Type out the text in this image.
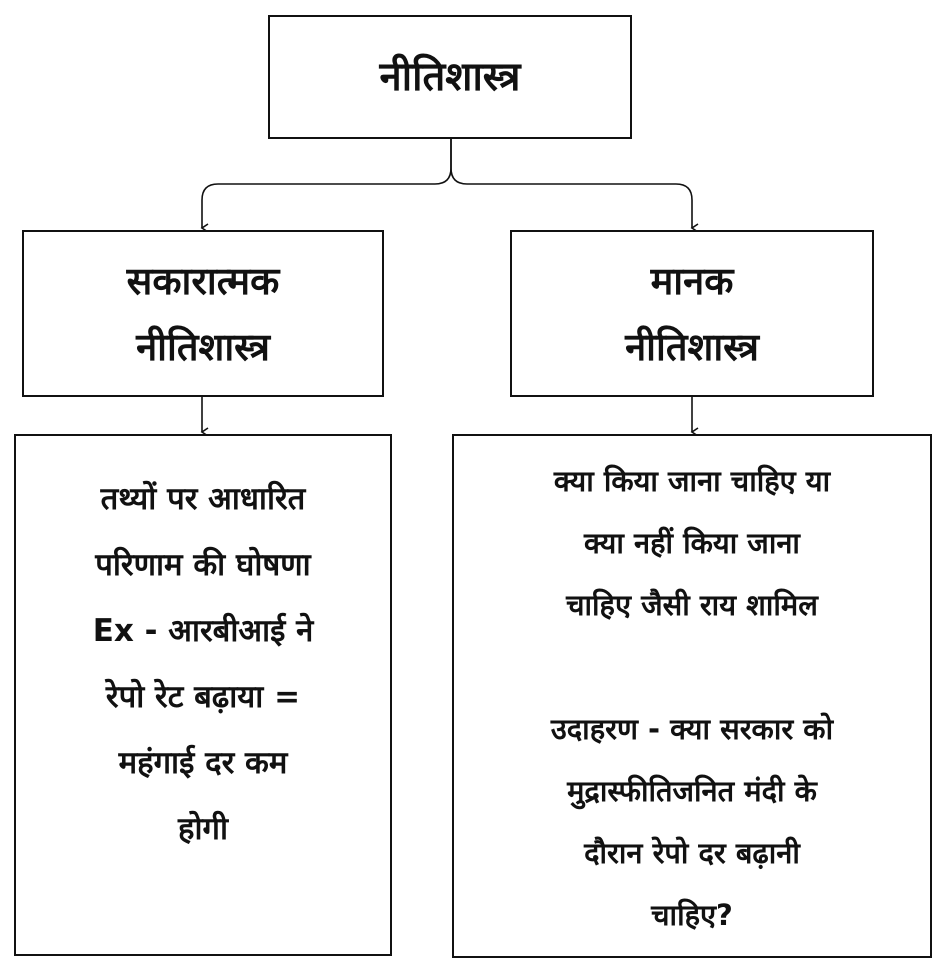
नीतिशास्त्र
सकारात्मक
नीतिशास्त्र
मानक
नीतिशास्त्र
तथ्यों पर आधारित
परिणाम की घोषणा
Ex - आरबीआई ने
रेपो रेट बढ़ाया =
महंगाई दर कम
होगी
क्या किया जाना चाहिए या
क्या नहीं किया जाना
चाहिए जैसी राय शामिल

उदाहरण - क्या सरकार को
मुद्रास्फीतिजनित मंदी के
दौरान रेपो दर बढ़ानी
चाहिए?
